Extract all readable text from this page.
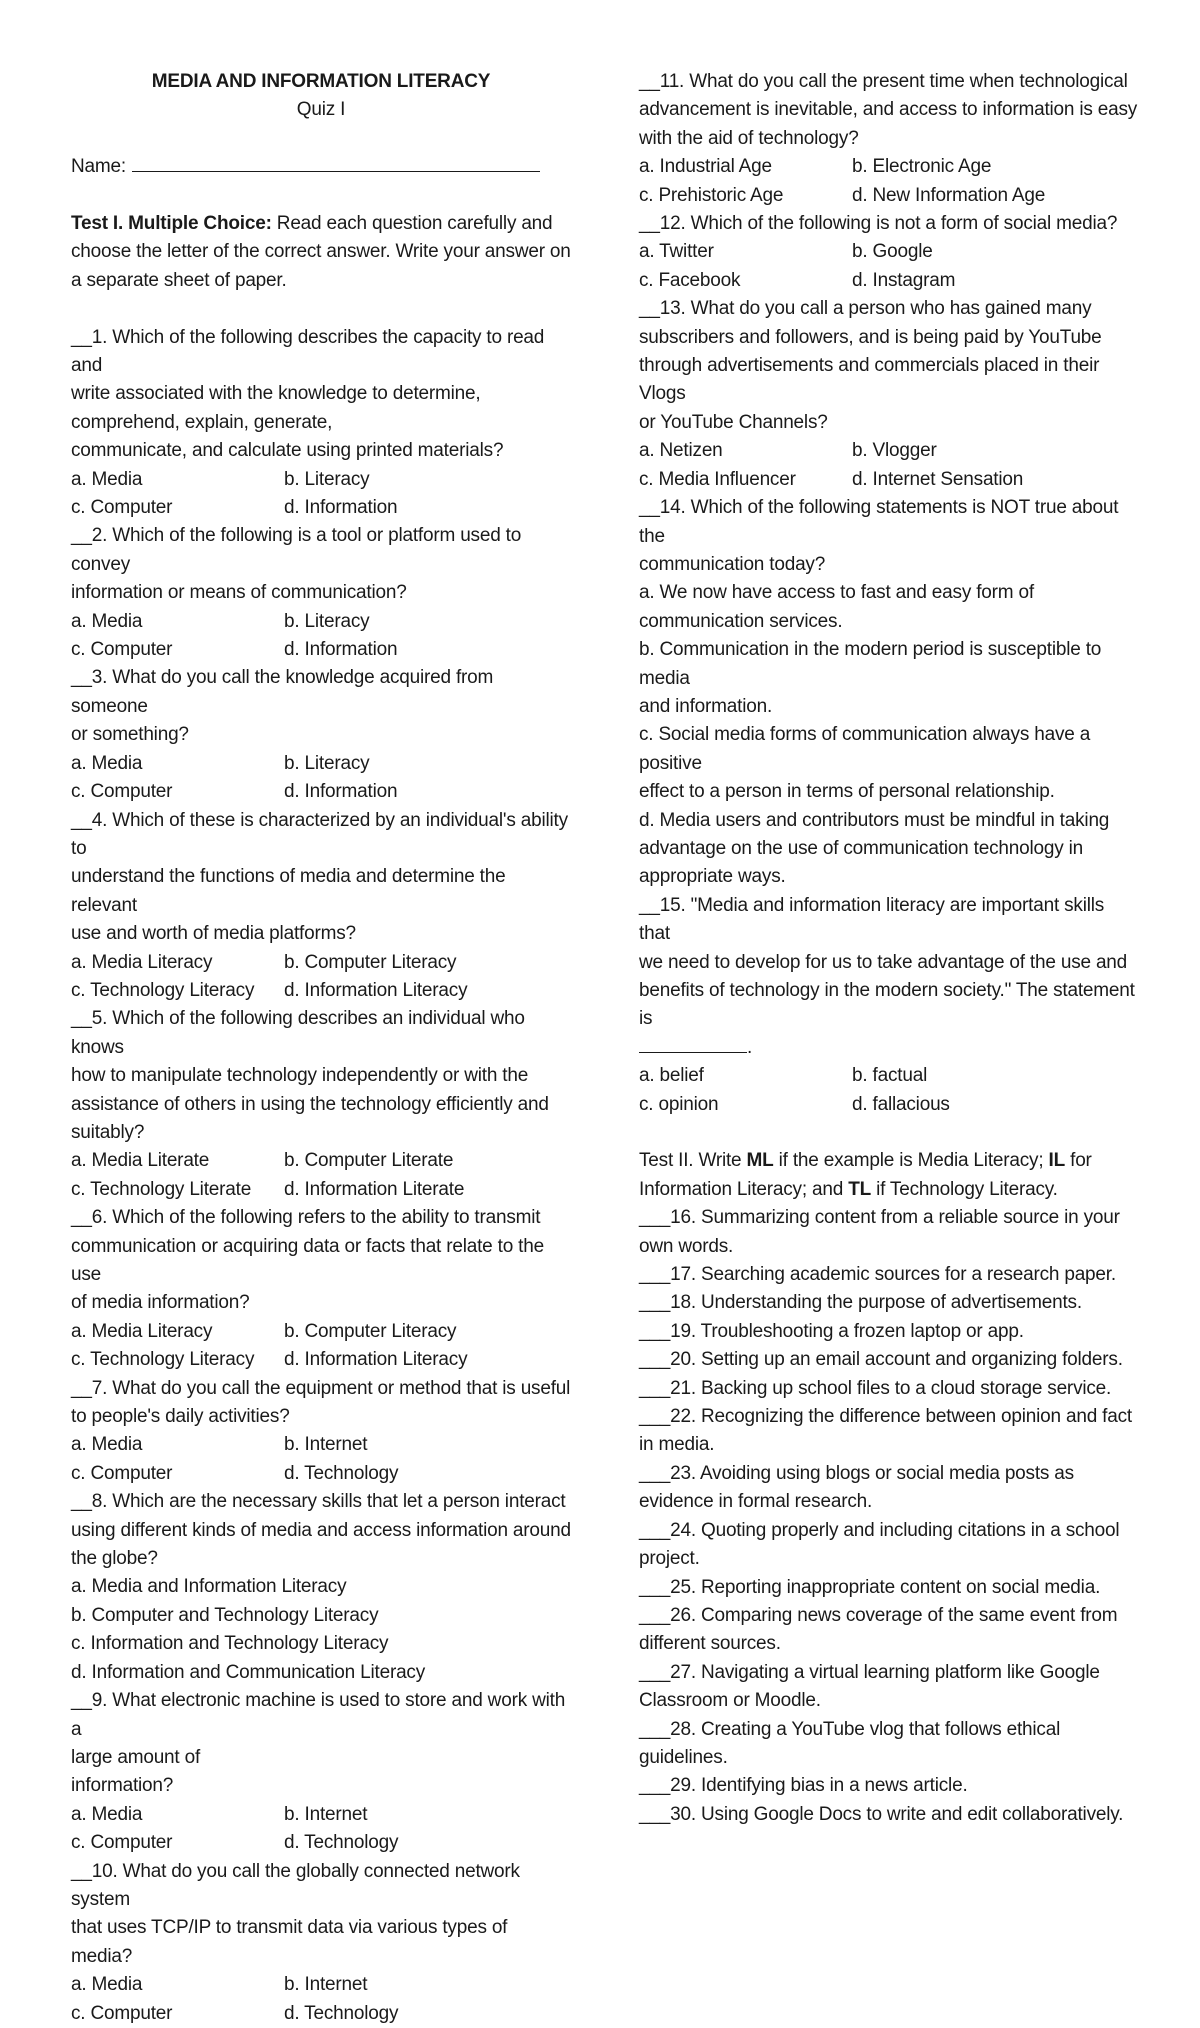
MEDIA AND INFORMATION LITERACY
Quiz I
Name:
Test I. Multiple Choice: Read each question carefully and choose the letter of the correct answer. Write your answer on a separate sheet of paper.
__1. Which of the following describes the capacity to read and
write associated with the knowledge to determine,
comprehend, explain, generate,
communicate, and calculate using printed materials?
a. Media	b. Literacy
c. Computer	d. Information
__2. Which of the following is a tool or platform used to convey
information or means of communication?
a. Media	b. Literacy
c. Computer	d. Information
__3. What do you call the knowledge acquired from someone
or something?
a. Media	b. Literacy
c. Computer	d. Information
__4. Which of these is characterized by an individual's ability to
understand the functions of media and determine the relevant
use and worth of media platforms?
a. Media Literacy	b. Computer Literacy
c. Technology Literacy	d. Information Literacy
__5. Which of the following describes an individual who knows
how to manipulate technology independently or with the
assistance of others in using the technology efficiently and
suitably?
a. Media Literate	b. Computer Literate
c. Technology Literate	d. Information Literate
__6. Which of the following refers to the ability to transmit
communication or acquiring data or facts that relate to the use
of media information?
a. Media Literacy	b. Computer Literacy
c. Technology Literacy	d. Information Literacy
__7. What do you call the equipment or method that is useful
to people's daily activities?
a. Media	b. Internet
c. Computer	d. Technology
__8. Which are the necessary skills that let a person interact
using different kinds of media and access information around
the globe?
a. Media and Information Literacy
b. Computer and Technology Literacy
c. Information and Technology Literacy
d. Information and Communication Literacy
__9. What electronic machine is used to store and work with a
large amount of
information?
a. Media	b. Internet
c. Computer	d. Technology
__10. What do you call the globally connected network system
that uses TCP/IP to transmit data via various types of media?
a. Media	b. Internet
c. Computer	d. Technology
__11. What do you call the present time when technological
advancement is inevitable, and access to information is easy
with the aid of technology?
a. Industrial Age	b. Electronic Age
c. Prehistoric Age	d. New Information Age
__12. Which of the following is not a form of social media?
a. Twitter	b. Google
c. Facebook	d. Instagram
__13. What do you call a person who has gained many
subscribers and followers, and is being paid by YouTube
through advertisements and commercials placed in their Vlogs
or YouTube Channels?
a. Netizen	b. Vlogger
c. Media Influencer	d. Internet Sensation
__14. Which of the following statements is NOT true about the
communication today?
a. We now have access to fast and easy form of
communication services.
b. Communication in the modern period is susceptible to media
and information.
c. Social media forms of communication always have a positive
effect to a person in terms of personal relationship.
d. Media users and contributors must be mindful in taking
advantage on the use of communication technology in
appropriate ways.
__15. "Media and information literacy are important skills that
we need to develop for us to take advantage of the use and
benefits of technology in the modern society." The statement is
.
a. belief	b. factual
c. opinion	d. fallacious
Test II. Write ML if the example is Media Literacy; IL for Information Literacy; and TL if Technology Literacy.
___16. Summarizing content from a reliable source in your own words.
___17. Searching academic sources for a research paper.
___18. Understanding the purpose of advertisements.
___19. Troubleshooting a frozen laptop or app.
___20. Setting up an email account and organizing folders.
___21. Backing up school files to a cloud storage service.
___22. Recognizing the difference between opinion and fact in media.
___23. Avoiding using blogs or social media posts as evidence in formal research.
___24. Quoting properly and including citations in a school project.
___25. Reporting inappropriate content on social media.
___26. Comparing news coverage of the same event from different sources.
___27. Navigating a virtual learning platform like Google Classroom or Moodle.
___28. Creating a YouTube vlog that follows ethical guidelines.
___29. Identifying bias in a news article.
___30. Using Google Docs to write and edit collaboratively.
